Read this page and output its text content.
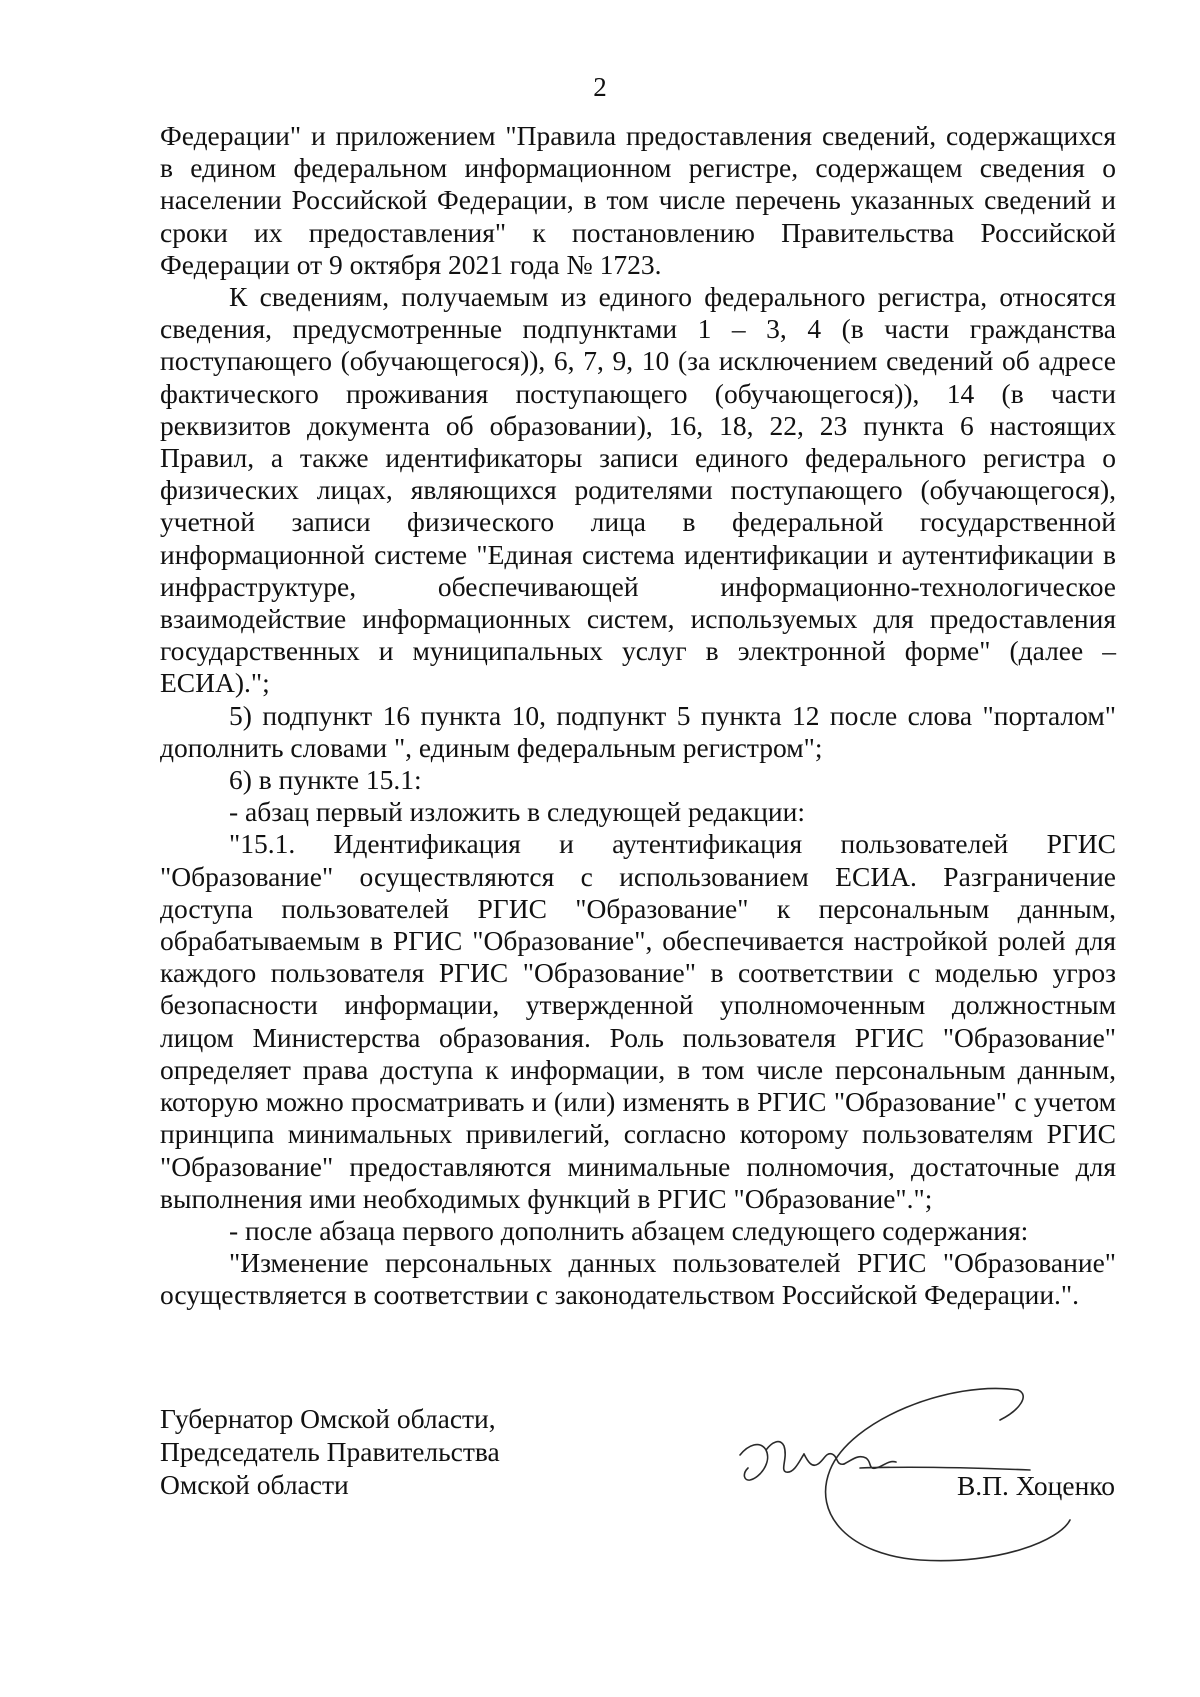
2

Федерации" и приложением "Правила предоставления сведений, содержащихся в едином федеральном информационном регистре, содержащем сведения о населении Российской Федерации, в том числе перечень указанных сведений и сроки их предоставления" к постановлению Правительства Российской Федерации от 9 октября 2021 года № 1723.

К сведениям, получаемым из единого федерального регистра, относятся сведения, предусмотренные подпунктами 1 – 3, 4 (в части гражданства поступающего (обучающегося)), 6, 7, 9, 10 (за исключением сведений об адресе фактического проживания поступающего (обучающегося)), 14 (в части реквизитов документа об образовании), 16, 18, 22, 23 пункта 6 настоящих Правил, а также идентификаторы записи единого федерального регистра о физических лицах, являющихся родителями поступающего (обучающегося), учетной записи физического лица в федеральной государственной информационной системе "Единая система идентификации и аутентификации в инфраструктуре, обеспечивающей информационно-технологическое взаимодействие информационных систем, используемых для предоставления государственных и муниципальных услуг в электронной форме" (далее – ЕСИА).";

5) подпункт 16 пункта 10, подпункт 5 пункта 12 после слова "порталом" дополнить словами ", единым федеральным регистром";

6) в пункте 15.1:

- абзац первый изложить в следующей редакции:

"15.1. Идентификация и аутентификация пользователей РГИС "Образование" осуществляются с использованием ЕСИА. Разграничение доступа пользователей РГИС "Образование" к персональным данным, обрабатываемым в РГИС "Образование", обеспечивается настройкой ролей для каждого пользователя РГИС "Образование" в соответствии с моделью угроз безопасности информации, утвержденной уполномоченным должностным лицом Министерства образования. Роль пользователя РГИС "Образование" определяет права доступа к информации, в том числе персональным данным, которую можно просматривать и (или) изменять в РГИС "Образование" с учетом принципа минимальных привилегий, согласно которому пользователям РГИС "Образование" предоставляются минимальные полномочия, достаточные для выполнения ими необходимых функций в РГИС "Образование".";

- после абзаца первого дополнить абзацем следующего содержания:

"Изменение персональных данных пользователей РГИС "Образование" осуществляется в соответствии с законодательством Российской Федерации.".

Губернатор Омской области,
Председатель Правительства
Омской области	В.П. Хоценко
